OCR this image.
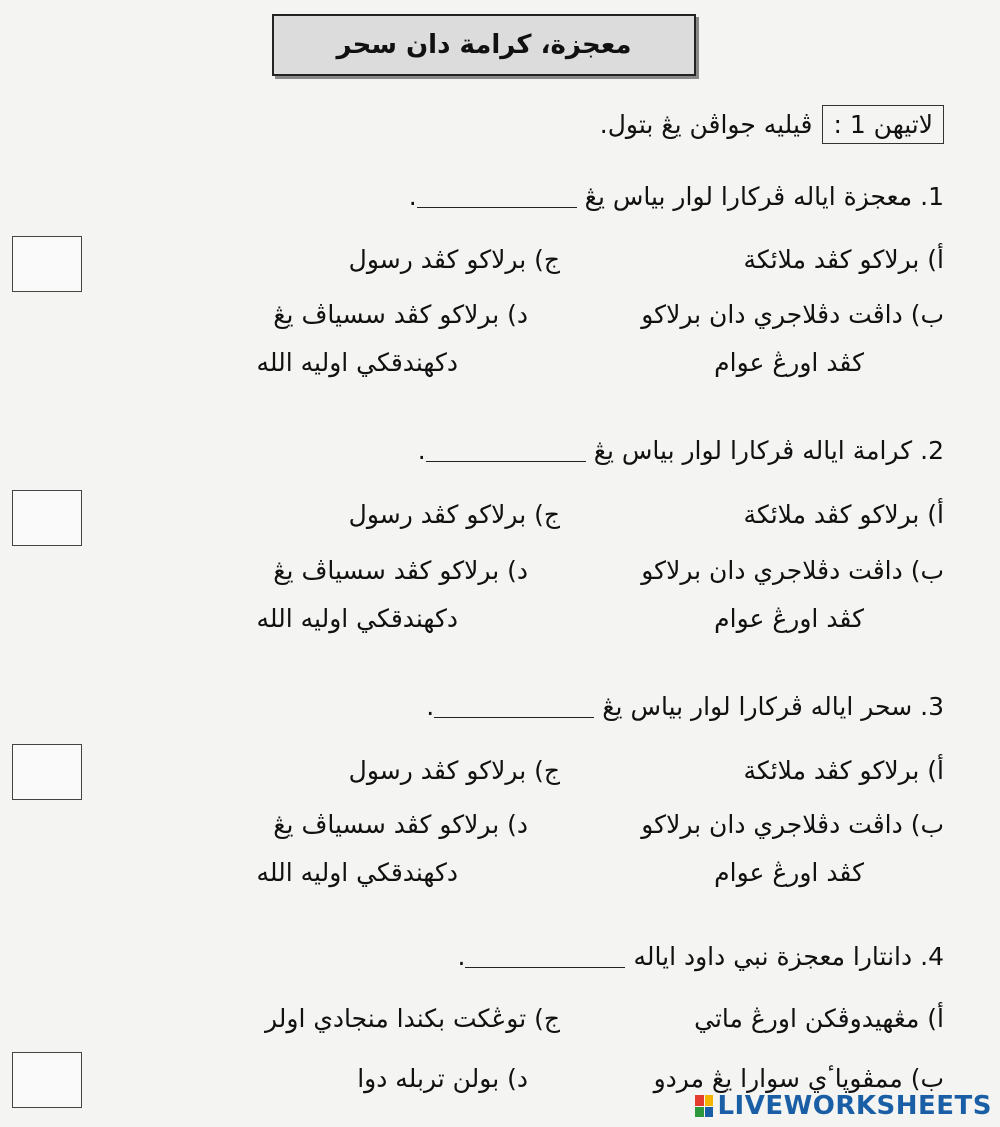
معجزة، كرامة دان سحر
لاتيهن 1 :
ڤيليه جواڤن يڠ بتول.
1.معجزة اياله ڤركارا لوار بياس يڠ.
أ) برلاكو كڤد ملائكة
ج) برلاكو كڤد رسول
ب) داڤت دڤلاجري دان برلاكو
كڤد اورڠ عوام
د) برلاكو كڤد سسياڤ يڠ
دكهندقكي اوليه الله
2.كرامة اياله ڤركارا لوار بياس يڠ.
أ) برلاكو كڤد ملائكة
ج) برلاكو كڤد رسول
ب) داڤت دڤلاجري دان برلاكو
كڤد اورڠ عوام
د) برلاكو كڤد سسياڤ يڠ
دكهندقكي اوليه الله
3.سحر اياله ڤركارا لوار بياس يڠ.
أ) برلاكو كڤد ملائكة
ج) برلاكو كڤد رسول
ب) داڤت دڤلاجري دان برلاكو
كڤد اورڠ عوام
د) برلاكو كڤد سسياڤ يڠ
دكهندقكي اوليه الله
4.دانتارا معجزة نبي داود اياله.
أ) مڠهيدوڤكن اورڠ ماتي
ج) توڠكت بكندا منجادي اولر
ب) ممڤوڽاٴي سوارا يڠ مردو
د) بولن تربله دوا
LIVEWORKSHEETS
